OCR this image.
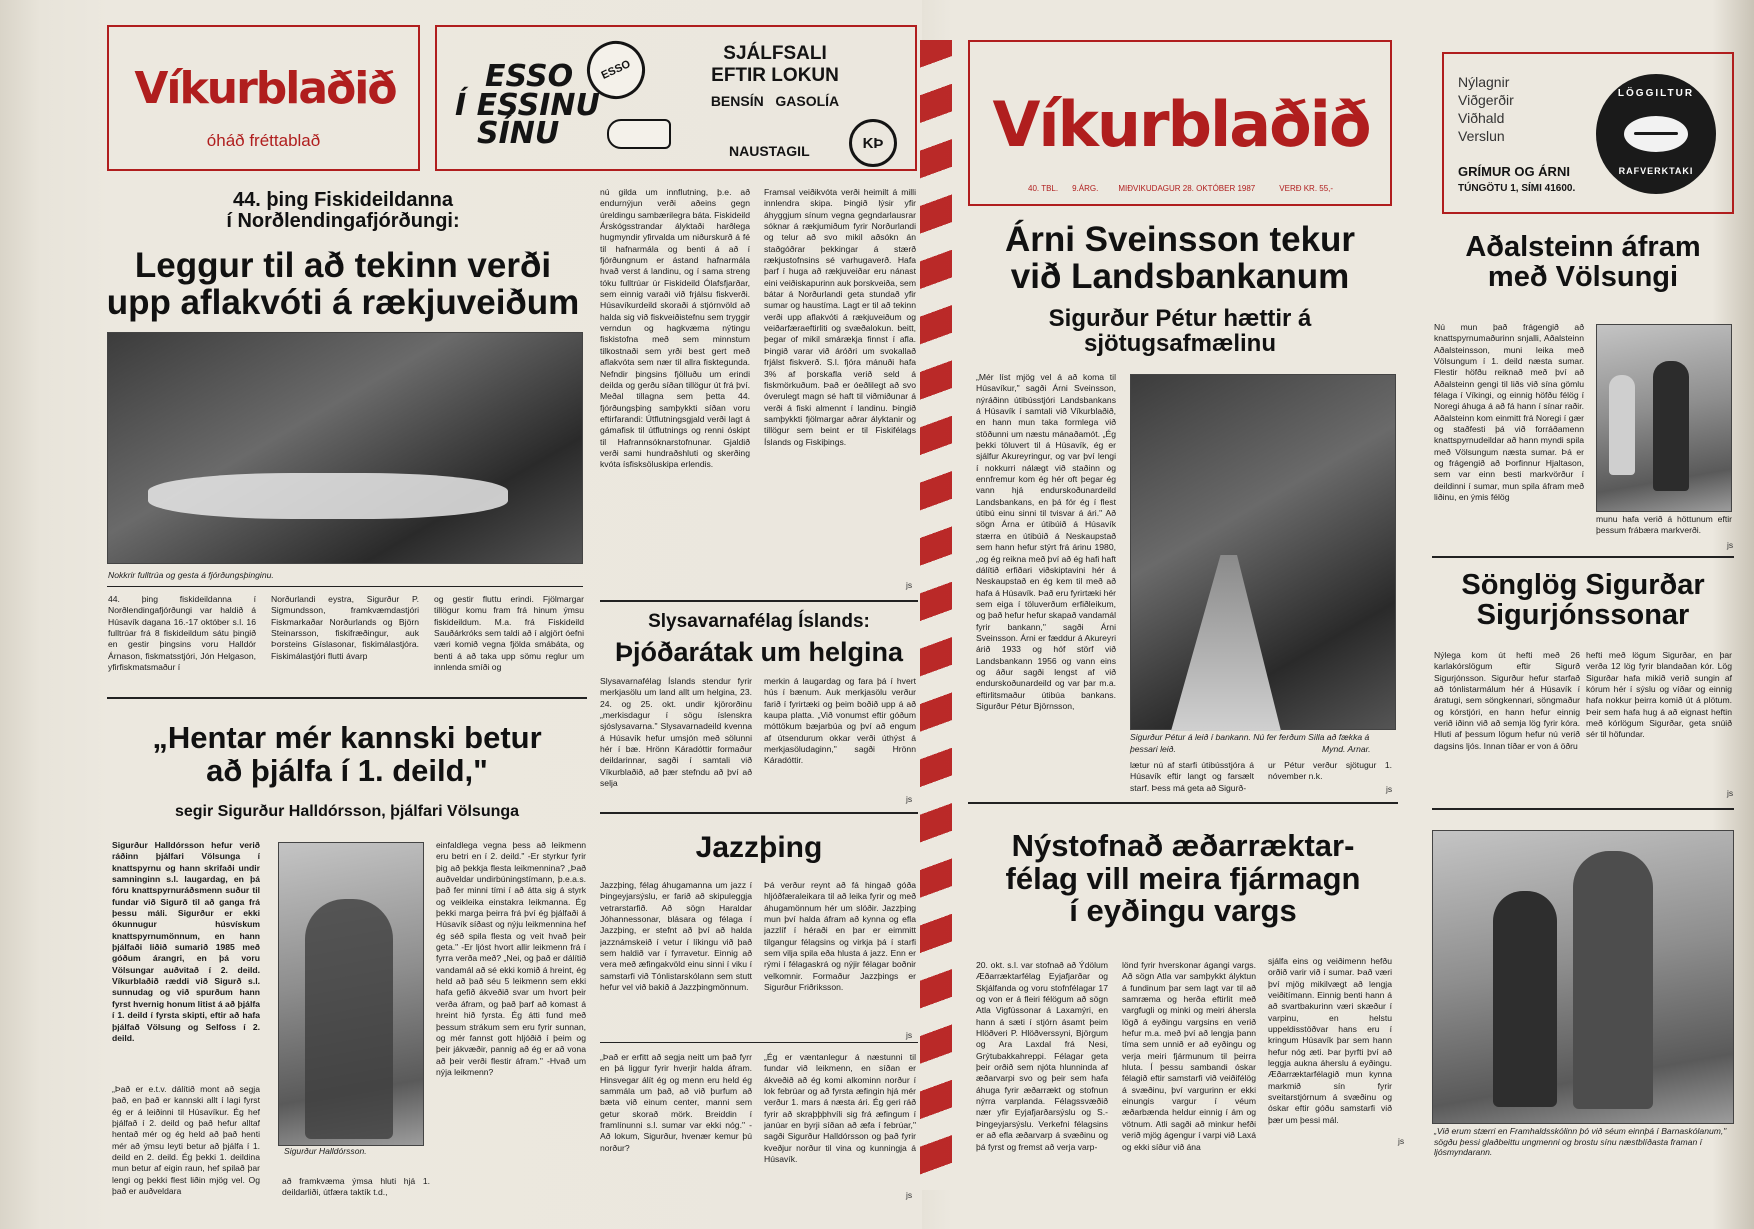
Víkurblaðið
óháð fréttablað
ESSO
Í ESSINU
SÍNU
ESSO
SJÁLFSALI
EFTIR LOKUN
BENSÍN   GASOLÍA
NAUSTAGIL	KÞ
44. þing Fiskideildanna
í Norðlendingafjórðungi:
Leggur til að tekinn verði
upp aflakvóti á rækjuveiðum
Nokkrir fulltrúa og gesta á fjórðungsþinginu.
44. þing fiskideildanna í Norðlendingafjórðungi var haldið á Húsavík dagana 16.-17 október s.l. 16 fulltrúar frá 8 fiskideildum sátu þingið en gestir þingsins voru Halldór Árnason, fiskmatsstjóri, Jón Helgason, yfirfiskmatsmaður í
Norðurlandi eystra, Sigurður P. Sigmundsson, framkvæmdastjóri Fiskmarkaðar Norðurlands og Björn Steinarsson, fiskifræðingur, auk Þorsteins Gíslasonar, fiskimálastjóra. Fiskimálastjóri flutti ávarp
og gestir fluttu erindi. Fjölmargar tillögur komu fram frá hinum ýmsu fiskideildum. M.a. frá Fiskideild Sauðárkróks sem taldi að í algjört óefni væri komið vegna fjölda smábáta, og benti á að taka upp sömu reglur um innlenda smíði og
nú gilda um innflutning, þ.e. að endurnýjun verði aðeins gegn úreldingu sambærilegra báta. Fiskideild Árskógsstrandar ályktaði harðlega hugmyndir yfirvalda um niðurskurð á fé til hafnarmála og benti á að í fjórðungnum er ástand hafnarmála hvað verst á landinu, og í sama streng tóku fulltrúar úr Fiskideild Ólafsfjarðar, sem einnig varaði við frjálsu fiskverði. Húsavíkurdeild skoraði á stjórnvöld að halda sig við fiskveiðistefnu sem tryggir verndun og hagkvæma nýtingu fiskistofna með sem minnstum tilkostnaði sem yrði best gert með aflakvóta sem nær til allra fisktegunda. Nefndir þingsins fjölluðu um erindi deilda og gerðu síðan tillögur út frá því. Meðal tillagna sem þetta 44. fjórðungsþing samþykkti síðan voru eftirfarandi: Útflutningsgjald verði lagt á gámafisk til útflutnings og renni óskipt til Hafrannsóknarstofnunar. Gjaldið verði sami hundraðshluti og skerðing kvóta ísfisksöluskipa erlendis.
Framsal veiðikvóta verði heimilt á milli innlendra skipa. Þingið lýsir yfir áhyggjum sínum vegna gegndarlausrar sóknar á rækjumiðum fyrir Norðurlandi og telur að svo mikil aðsókn án staðgóðrar þekkingar á stærð rækjustofnsins sé varhugaverð. Hafa þarf í huga að rækjuveiðar eru nánast eini veiðiskapurinn auk þorskveiða, sem bátar á Norðurlandi geta stundað yfir sumar og haustíma. Lagt er til að tekinn verði upp aflakvóti á rækjuveiðum og veiðarfæraeftirliti og svæðalokun. beitt, þegar of mikil smárækja finnst í afla. Þingið varar við áróðri um svokallað frjálst fiskverð. S.l. fjóra mánuði hafa 3% af þorskafla verið seld á fiskmörkuðum. Það er óeðlilegt að svo óverulegt magn sé haft til viðmiðunar á verði á fiski almennt í landinu. Þingið samþykkti fjölmargar aðrar ályktanir og tillögur sem beint er til Fiskifélags Íslands og Fiskiþings.
js
Slysavarnafélag Íslands:
Þjóðarátak um helgina
Slysavarnafélag Íslands stendur fyrir merkjasölu um land allt um helgina, 23. 24. og 25. okt. undir kjörorðinu „merkisdagur í sögu íslenskra sjóslysavarna." Slysavarnadeild kvenna á Húsavík hefur umsjón með sölunni hér í bæ. Hrönn Káradóttir formaður deildarinnar, sagði í samtali við Víkurblaðið, að þær stefndu að því að selja
merkin á laugardag og fara þá í hvert hús í bænum. Auk merkjasölu verður farið í fyrirtæki og þeim boðið upp á að kaupa platta. „Við vonumst eftir góðum móttökum bæjarbúa og því að engum af útsendurum okkar verði úthýst á merkjasöludaginn," sagði Hrönn Káradóttir.
js
„Hentar mér kannski betur
að þjálfa í 1. deild,"
segir Sigurður Halldórsson, þjálfari Völsunga
Sigurður Halldórsson hefur verið ráðinn þjálfari Völsunga í knattspyrnu og hann skrifaði undir samninginn s.l. laugardag, en þá fóru knattspyrnuráðsmenn suður til fundar við Sigurð til að ganga frá þessu máli. Sigurður er ekki ókunnugur húsvískum knattspyrnumönnum, en hann þjálfaði liðið sumarið 1985 með góðum árangri, en þá voru Völsungar auðvitað í 2. deild. Víkurblaðið ræddi við Sigurð s.l. sunnudag og við spurðum hann fyrst hvernig honum litist á að þjálfa í 1. deild í fyrsta skipti, eftir að hafa þjálfað Völsung og Selfoss í 2. deild.
„Það er e.t.v. dálítið mont að segja það, en það er kannski allt í lagi fyrst ég er á leiðinni til Húsavíkur. Ég hef þjálfað í 2. deild og það hefur alltaf hentað mér og ég held að það henti mér að ýmsu leyti betur að þjálfa í 1. deild en 2. deild. Ég þekki 1. deildina mun betur af eigin raun, hef spilað þar lengi og þekki flest liðin mjög vel. Og það er auðveldara
Sigurður Halldórsson.
einfaldlega vegna þess að leikmenn eru betri en í 2. deild." -Er styrkur fyrir þig að þekkja flesta leikmennina? „Það auðveldar undirbúningstímann, þ.e.a.s. það fer minni tími í að átta sig á styrk og veikleika einstakra leikmanna. Ég þekki marga þeirra frá því ég þjálfaði á Húsavík síðast og nýju leikmennina hef ég séð spila flesta og veit hvað þeir geta." -Er ljóst hvort allir leikmenn frá í fyrra verða með? „Nei, og það er dálítið vandamál að sé ekki komið á hreint, ég held að það séu 5 leikmenn sem ekki hafa gefið ákveðið svar um hvort þeir verða áfram, og það þarf að komast á hreint hið fyrsta. Ég átti fund með þessum strákum sem eru fyrir sunnan, og mér fannst gott hljóðið í þeim og þeir jákvæðir, pannig að ég er að vona að þeir verði flestir áfram." -Hvað um nýja leikmenn?
að framkvæma ýmsa hluti hjá 1. deildarliði, útfæra taktík t.d.,
Jazzþing
Jazzþing, félag áhugamanna um jazz í Þingeyjarsýslu, er farið að skipuleggja vetrarstarfið. Að sögn Haraldar Jóhannessonar, blásara og félaga í Jazzþing, er stefnt að því að halda jazznámskeið í vetur í líkingu við það sem haldið var í fyrravetur. Einnig að vera með æfingakvöld einu sinni í viku í samstarfi við Tónlistarskólann sem stutt hefur vel við bakið á Jazzþingmönnum.
Þá verður reynt að fá hingað góða hljóðfæraleikara til að leika fyrir og með áhugamönnum hér um slóðir. Jazzþing mun því halda áfram að kynna og efla jazzlíf í héraði en þar er eimmitt tilgangur félagsins og virkja þá í starfi sem vilja spila eða hlusta á jazz. Enn er rými í félagaskrá og nýjir félagar boðnir velkomnir. Formaður Jazzþings er Sigurður Friðriksson.
js
„Það er erfitt að segja neitt um það fyrr en þá liggur fyrir hverjir halda áfram. Hinsvegar álít ég og menn eru held ég sammála um það, að við þurfum að bæta við einum center, manni sem getur skorað mörk. Breiddin í framlínunni s.l. sumar var ekki nóg." -Að lokum, Sigurður, hvenær kemur þú norður?
„Ég er væntanlegur á næstunni til fundar við leikmenn, en síðan er ákveðið að ég komi alkominn norður í lok febrúar og að fyrsta æfingin hjá mér verður 1. mars á næsta ári. Ég geri ráð fyrir að skraþþþhvíli sig frá æfingum í janúar en byrji síðan að æfa í febrúar," sagði Sigurður Halldórsson og það fyrir kveðjur norður til vina og kunningja á Húsavík.
js
Víkurblaðið
40. TBL. 9.ÁRG.	MIÐVIKUDAGUR 28. OKTÓBER 1987	VERÐ KR. 55,-
Nýlagnir
Viðgerðir
Viðhald
Verslun
GRÍMUR OG ÁRNI
TÚNGÖTU 1, SÍMI 41600.
LÖGGILTUR
RAFVERKTAKI
Árni Sveinsson tekur
við Landsbankanum
Sigurður Pétur hættir á
sjötugsafmælinu
„Mér líst mjög vel á að koma til Húsavíkur," sagði Árni Sveinsson, nýráðinn útibússtjóri Landsbankans á Húsavík í samtali við Víkurblaðið, en hann mun taka formlega við stöðunni um næstu mánaðamót. „Ég þekki töluvert til á Húsavík, ég er sjálfur Akureyringur, og var því lengi í nokkurri nálægt við staðinn og ennfremur kom ég hér oft þegar ég vann hjá endurskoðunardeild Landsbankans, en þá fór ég í flest útibú einu sinni til tvisvar á ári." Að sögn Árna er útibúið á Húsavík stærra en útibúið á Neskaupstað sem hann hefur stýrt frá árinu 1980, „og ég reikna með því að ég hafi haft dálítið erfiðari viðskiptavini hér á Neskaupstað en ég kem til með að hafa á Húsavík. Það eru fyrirtæki hér sem eiga í töluverðum erfiðleikum, og það hefur hefur skapað vandamál fyrir bankann," sagði Árni Sveinsson. Árni er fæddur á Akureyri árið 1933 og hóf störf við Landsbankann 1956 og vann eins og áður sagði lengst af við endurskoðunardeild og var þar m.a. eftirlitsmaður útibúa bankans. Sigurður Pétur Björnsson,
Sigurður Pétur á leið í bankann. Nú fer ferðum Silla að fækka á
þessari leið.	Mynd. Arnar.
lætur nú af starfi útibússtjóra á Húsavík eftir langt og farsælt starf. Þess má geta að Sigurð-
ur Pétur verður sjötugur 1. nóvember n.k.
js
Aðalsteinn áfram
með Völsungi
Nú mun það frágengið að knattspyrnumaðurinn snjalli, Aðalsteinn Aðalsteinsson, muni leika með Völsungum í 1. deild næsta sumar. Flestir höfðu reiknað með því að Aðalsteinn gengi til liðs við sína gömlu félaga í Víkingi, og einnig höfðu félög í Noregi áhuga á að fá hann í sínar raðir. Aðalsteinn kom einmitt frá Noregi í gær og staðfesti þá við forráðamenn knattspyrnudeildar að hann myndi spila með Völsungum næsta sumar. Þá er og frágengið að Þorfinnur Hjaltason, sem var einn besti markvörður í deildinni í sumar, mun spila áfram með liðinu, en ýmis félög
munu hafa verið á höttunum eftir þessum frábæra markverði.
js
Sönglög Sigurðar
Sigurjónssonar
Nýlega kom út hefti með 26 karlakórslögum eftir Sigurð Sigurjónsson. Sigurður hefur starfað að tónlistarmálum hér á Húsavík í áratugi, sem söngkennari, söngmaður og kórstjóri, en hann hefur einnig verið iðinn við að semja lög fyrir kóra. Hluti af þessum lögum hefur nú verið dagsins ljós. Innan tíðar er von á öðru
hefti með lögum Sigurðar, en þar verða 12 lög fyrir blandaðan kór. Lög Sigurðar hafa mikið verið sungin af kórum hér í sýslu og víðar og einnig hafa nokkur þeirra komið út á plötum. Þeir sem hafa hug á að eignast heftin með kórlögum Sigurðar, geta snúið sér til höfundar.
js
Nýstofnað æðarræktar-
félag vill meira fjármagn
í eyðingu vargs
20. okt. s.l. var stofnað að Ýdölum Æðarræktarfélag Eyjafjarðar og Skjálfanda og voru stofnfélagar 17 og von er á fleiri félögum að sögn Atla Vigfússonar á Laxamýri, en hann á sæti í stjórn ásamt þeim Hlöðveri P. Hlöðverssyni, Björgum og Ara Laxdal frá Nesi, Grýtubakkahreppi. Félagar geta þeir orðið sem njóta hlunninda af æðarvarpi svo og þeir sem hafa áhuga fyrir æðarrækt og stofnun nýrra varplanda. Félagssvæðið nær yfir Eyjafjarðarsýslu og S.-Þingeyjarsýslu. Verkefni félagsins er að efla æðarvarp á svæðinu og þá fyrst og fremst að verja varp-
lönd fyrir hverskonar ágangi vargs. Að sögn Atla var samþykkt ályktun á fundinum þar sem lagt var til að samræma og herða eftirlit með vargfugli og minki og meiri áhersla lögð á eyðingu vargsins en verið hefur m.a. með því að lengja þann tíma sem unnið er að eyðingu og verja meiri fjármunum til þeirra hluta. Í þessu sambandi óskar félagið eftir samstarfi við veiðifélög á svæðinu, því vargurinn er ekki einungis vargur í véum æðarbænda heldur einnig í ám og vötnum. Atli sagði að minkur hefði verið mjög ágengur í varpi við Laxá og ekki síður við ána
sjálfa eins og veiðimenn hefðu orðið varir við í sumar. Það væri því mjög mikilvægt að lengja veiðitímann. Einnig benti hann á að svartbakurinn væri skæður í varpinu, en helstu uppeldisstöðvar hans eru í kringum Húsavík þar sem hann hefur nóg æti. Þar þyrfti því að leggja aukna áherslu á eyðingu. Æðarræktarfélagið mun kynna markmið sín fyrir sveitarstjórnum á svæðinu og óskar eftir góðu samstarfi við þær um þessi mál.
js
„Við erum stærri en Framhaldsskólinn þó við séum einnþá í Barnaskólanum," sögðu þessi glaðbeittu ungmenni og brostu sínu næstblíðasta framan í ljósmyndarann.
